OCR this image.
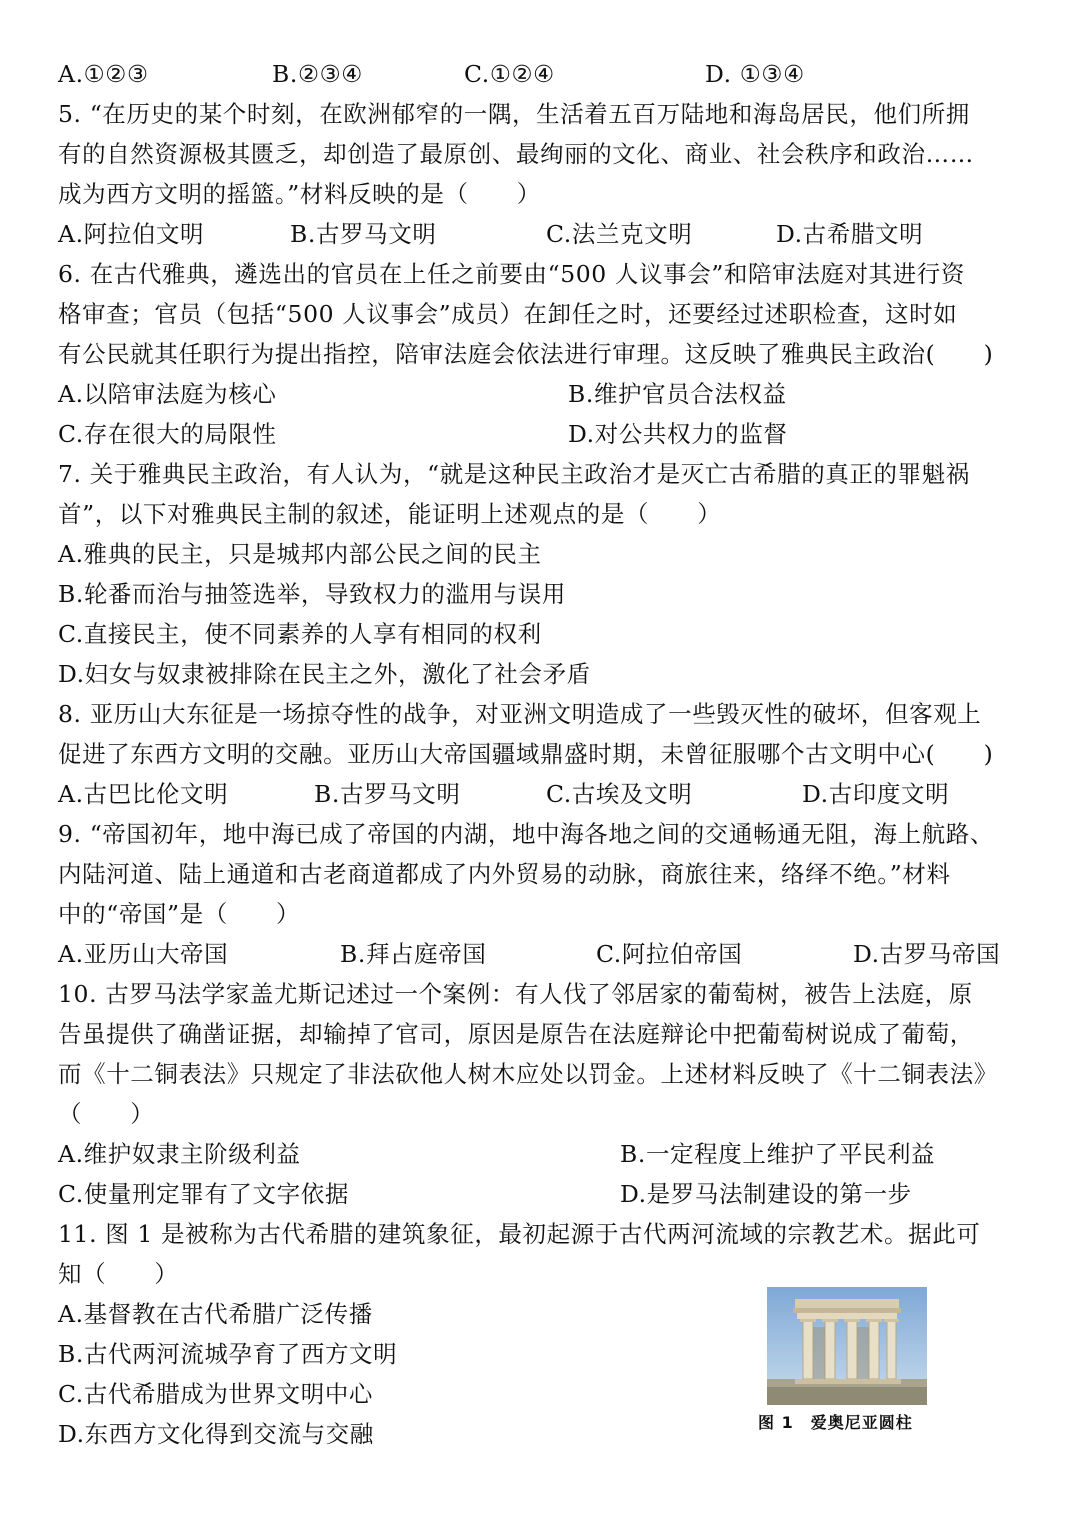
A.①②③	B.②③④	C.①②④	D. ①③④
5. “在历史的某个时刻，在欧洲郁窄的一隅，生活着五百万陆地和海岛居民，他们所拥
有的自然资源极其匮乏，却创造了最原创、最绚丽的文化、商业、社会秩序和政治……
成为西方文明的摇篮。”材料反映的是（　　）
A.阿拉伯文明	B.古罗马文明	C.法兰克文明	D.古希腊文明
6. 在古代雅典，遴选出的官员在上任之前要由“500 人议事会”和陪审法庭对其进行资
格审查；官员（包括“500 人议事会”成员）在卸任之时，还要经过述职检查，这时如
有公民就其任职行为提出指控，陪审法庭会依法进行审理。这反映了雅典民主政治(　　)
A.以陪审法庭为核心	B.维护官员合法权益
C.存在很大的局限性	D.对公共权力的监督
7. 关于雅典民主政治，有人认为，“就是这种民主政治才是灭亡古希腊的真正的罪魁祸
首”，以下对雅典民主制的叙述，能证明上述观点的是（　　）
A.雅典的民主，只是城邦内部公民之间的民主
B.轮番而治与抽签选举，导致权力的滥用与误用
C.直接民主，使不同素养的人享有相同的权利
D.妇女与奴隶被排除在民主之外，激化了社会矛盾
8. 亚历山大东征是一场掠夺性的战争，对亚洲文明造成了一些毁灭性的破坏，但客观上
促进了东西方文明的交融。亚历山大帝国疆域鼎盛时期，未曾征服哪个古文明中心(　　)
A.古巴比伦文明	B.古罗马文明	C.古埃及文明	D.古印度文明
内陆河道、陆上通道和古老商道都成了内外贸易的动脉，商旅往来，络绎不绝。”材料
9. “帝国初年，地中海已成了帝国的内湖，地中海各地之间的交通畅通无阻，海上航路、
中的“帝国”是（　　）
A.亚历山大帝国	B.拜占庭帝国	C.阿拉伯帝国	D.古罗马帝国
10. 古罗马法学家盖尤斯记述过一个案例：有人伐了邻居家的葡萄树，被告上法庭，原
告虽提供了确凿证据，却输掉了官司，原因是原告在法庭辩论中把葡萄树说成了葡萄，
而《十二铜表法》只规定了非法砍他人树木应处以罚金。上述材料反映了《十二铜表法》
（　　）
A.维护奴隶主阶级利益	B.一定程度上维护了平民利益
C.使量刑定罪有了文字依据	D.是罗马法制建设的第一步
11. 图 1 是被称为古代希腊的建筑象征，最初起源于古代两河流域的宗教艺术。据此可
知（　　）
A.基督教在古代希腊广泛传播
B.古代两河流城孕育了西方文明
C.古代希腊成为世界文明中心
D.东西方文化得到交流与交融	图 1　爱奥尼亚圆柱
